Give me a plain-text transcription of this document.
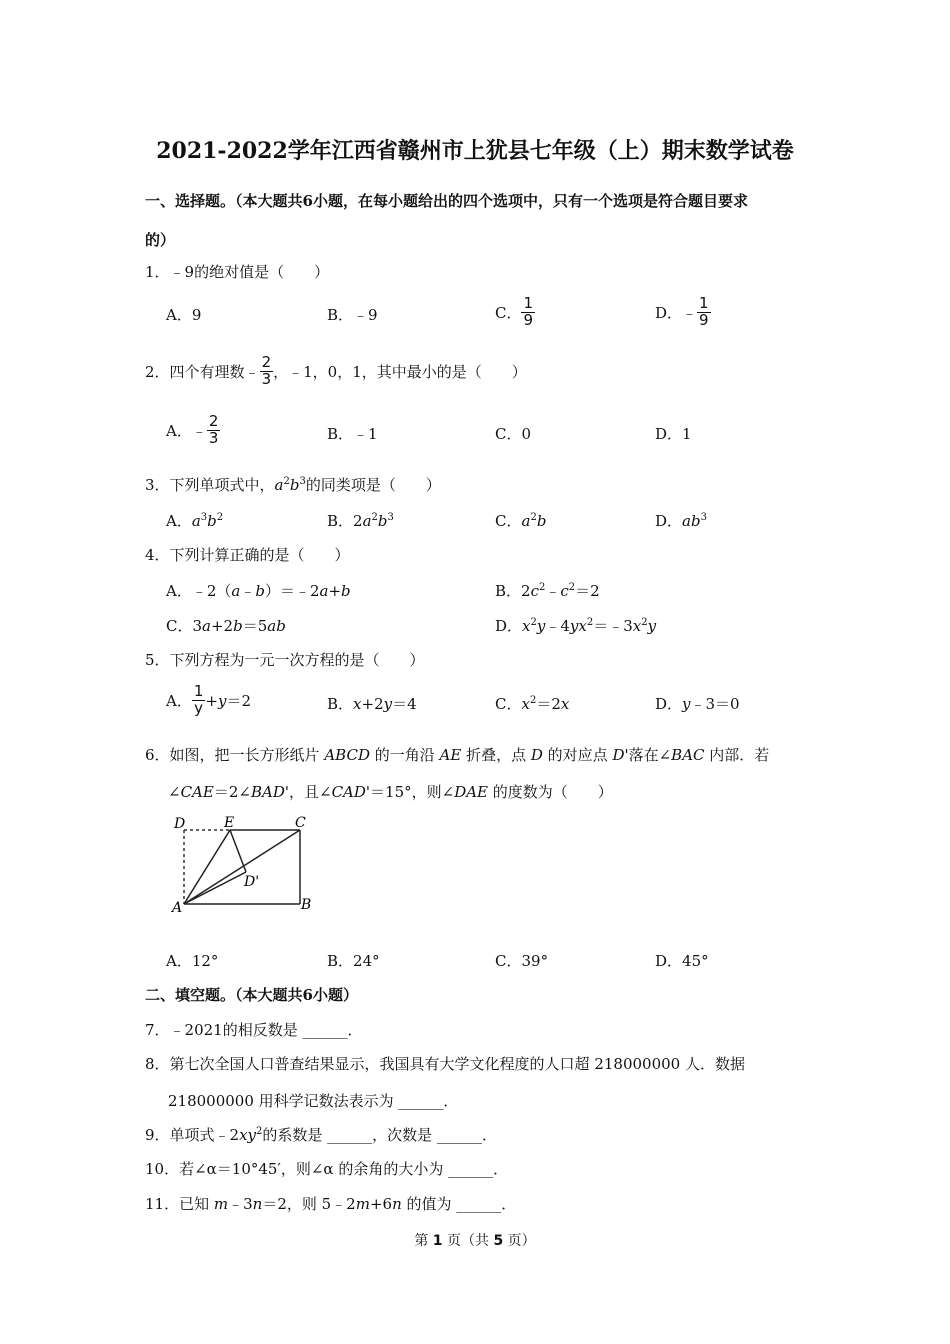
2021-2022学年江西省赣州市上犹县七年级（上）期末数学试卷
一、选择题。（本大题共6小题，在每小题给出的四个选项中，只有一个选项是符合题目要求
的）
1．﹣9的绝对值是（　　）
A．9	B．﹣9	C． $\frac{1}{9}$	D．﹣ $\frac{1}{9}$
2．四个有理数﹣ $\frac{2}{3}$ ，﹣1，0，1，其中最小的是（　　）
A．﹣ $\frac{2}{3}$	B．﹣1	C．0	D．1
3．下列单项式中，$a^2b^3$的同类项是（　　）
A．$a^3b^2$	B．$2a^2b^3$	C．$a^2b$	D．$ab^3$
4．下列计算正确的是（　　）
A．﹣2（a﹣b）＝﹣2a+b	B．$2c^2﹣c^2=2$
C．3a+2b＝5ab	D．$x^2y﹣4yx^2=﹣3x^2y$
5．下列方程为一元一次方程的是（　　）
A． $\frac{1}{y} +y=2$	B．x+2y＝4	C．$x^2=2x$	D．y﹣3＝0
6．如图，把一长方形纸片 ABCD 的一角沿 AE 折叠，点 D 的对应点 D'落在∠BAC 内部．若
∠CAE＝2∠BAD'，且∠CAD'＝15°，则∠DAE 的度数为（　　）
D	E	C
D'
A	B
A．12°	B．24°	C．39°	D．45°
二、填空题。（本大题共6小题）
7．﹣2021的相反数是 ______．
8．第七次全国人口普查结果显示，我国具有大学文化程度的人口超 218000000 人．数据
218000000 用科学记数法表示为 ______．
9．单项式$﹣2xy^2$的系数是 ______，次数是 ______．
10．若∠α＝10°45′，则∠α 的余角的大小为 ______．
11．已知 m﹣3n＝2，则 5﹣2m+6n 的值为 ______．
第 1 页（共 5 页）
